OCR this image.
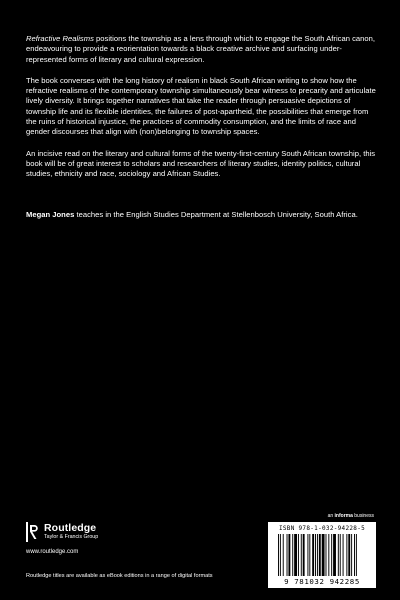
Refractive Realisms positions the township as a lens through which to engage the South African canon, endeavouring to provide a reorientation towards a black creative archive and surfacing under-represented forms of literary and cultural expression.

The book converses with the long history of realism in black South African writing to show how the refractive realisms of the contemporary township simultaneously bear witness to precarity and articulate lively diversity. It brings together narratives that take the reader through persuasive depictions of township life and its flexible identities, the failures of post-apartheid, the possibilities that emerge from the ruins of historical injustice, the practices of commodity consumption, and the limits of race and gender discourses that align with (non)belonging to township spaces.

An incisive read on the literary and cultural forms of the twenty-first-century South African township, this book will be of great interest to scholars and researchers of literary studies, identity politics, cultural studies, ethnicity and race, sociology and African Studies.

Megan Jones teaches in the English Studies Department at Stellenbosch University, South Africa.

an informa business
Routledge
Taylor & Francis Group
www.routledge.com
Routledge titles are available as eBook editions in a range of digital formats
ISBN 978-1-032-94228-5
9 781032 942285
